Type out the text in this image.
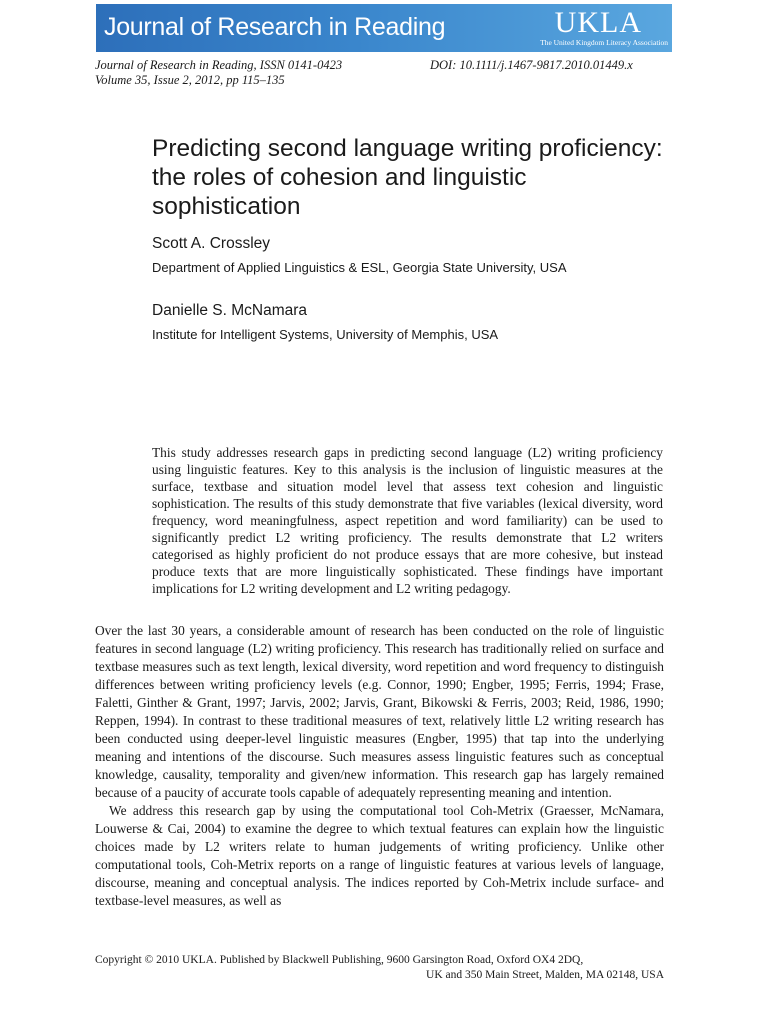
Journal of Research in Reading	UKLA
The United Kingdom Literacy Association
Journal of Research in Reading, ISSN 0141-0423
Volume 35, Issue 2, 2012, pp 115–135
DOI: 10.1111/j.1467-9817.2010.01449.x
Predicting second language writing proficiency: the roles of cohesion and linguistic sophistication
Scott A. Crossley
Department of Applied Linguistics & ESL, Georgia State University, USA
Danielle S. McNamara
Institute for Intelligent Systems, University of Memphis, USA
This study addresses research gaps in predicting second language (L2) writing proficiency using linguistic features. Key to this analysis is the inclusion of linguistic measures at the surface, textbase and situation model level that assess text cohesion and linguistic sophistication. The results of this study demonstrate that five variables (lexical diversity, word frequency, word meaningfulness, aspect repetition and word familiarity) can be used to significantly predict L2 writing proficiency. The results demonstrate that L2 writers categorised as highly proficient do not produce essays that are more cohesive, but instead produce texts that are more linguistically sophisticated. These findings have important implications for L2 writing development and L2 writing pedagogy.

Over the last 30 years, a considerable amount of research has been conducted on the role of linguistic features in second language (L2) writing proficiency. This research has traditionally relied on surface and textbase measures such as text length, lexical diversity, word repetition and word frequency to distinguish differences between writing proficiency levels (e.g. Connor, 1990; Engber, 1995; Ferris, 1994; Frase, Faletti, Ginther & Grant, 1997; Jarvis, 2002; Jarvis, Grant, Bikowski & Ferris, 2003; Reid, 1986, 1990; Reppen, 1994). In contrast to these traditional measures of text, relatively little L2 writing research has been conducted using deeper-level linguistic measures (Engber, 1995) that tap into the underlying meaning and intentions of the discourse. Such measures assess linguistic features such as conceptual knowledge, causality, temporality and given/new information. This research gap has largely remained because of a paucity of accurate tools capable of adequately representing meaning and intention.

We address this research gap by using the computational tool Coh-Metrix (Graesser, McNamara, Louwerse & Cai, 2004) to examine the degree to which textual features can explain how the linguistic choices made by L2 writers relate to human judgements of writing proficiency. Unlike other computational tools, Coh-Metrix reports on a range of linguistic features at various levels of language, discourse, meaning and conceptual analysis. The indices reported by Coh-Metrix include surface- and textbase-level measures, as well as

Copyright © 2010 UKLA. Published by Blackwell Publishing, 9600 Garsington Road, Oxford OX4 2DQ,
UK and 350 Main Street, Malden, MA 02148, USA
